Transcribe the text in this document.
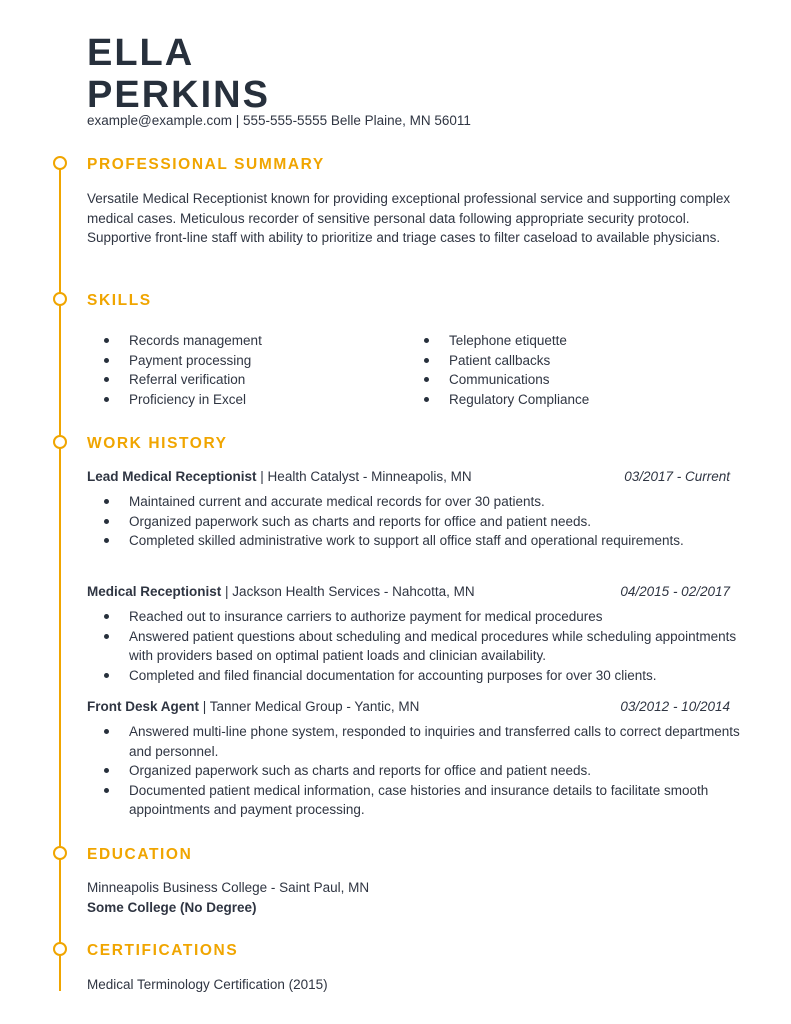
ELLA
PERKINS
example@example.com | 555-555-5555 Belle Plaine, MN 56011
PROFESSIONAL SUMMARY

Versatile Medical Receptionist known for providing exceptional professional service and supporting complex medical cases. Meticulous recorder of sensitive personal data following appropriate security protocol. Supportive front-line staff with ability to prioritize and triage cases to filter caseload to available physicians.

SKILLS
Records management
Payment processing
Referral verification
Proficiency in Excel
Telephone etiquette
Patient callbacks
Communications
Regulatory Compliance
WORK HISTORY
Lead Medical Receptionist | Health Catalyst - Minneapolis, MN	03/2017 - Current
Maintained current and accurate medical records for over 30 patients.
Organized paperwork such as charts and reports for office and patient needs.
Completed skilled administrative work to support all office staff and operational requirements.
Medical Receptionist | Jackson Health Services - Nahcotta, MN	04/2015 - 02/2017
Reached out to insurance carriers to authorize payment for medical procedures
Answered patient questions about scheduling and medical procedures while scheduling appointments with providers based on optimal patient loads and clinician availability.
Completed and filed financial documentation for accounting purposes for over 30 clients.
Front Desk Agent | Tanner Medical Group - Yantic, MN	03/2012 - 10/2014
Answered multi-line phone system, responded to inquiries and transferred calls to correct departments and personnel.
Organized paperwork such as charts and reports for office and patient needs.
Documented patient medical information, case histories and insurance details to facilitate smooth appointments and payment processing.
EDUCATION
Minneapolis Business College - Saint Paul, MN
Some College (No Degree)
CERTIFICATIONS
Medical Terminology Certification (2015)
